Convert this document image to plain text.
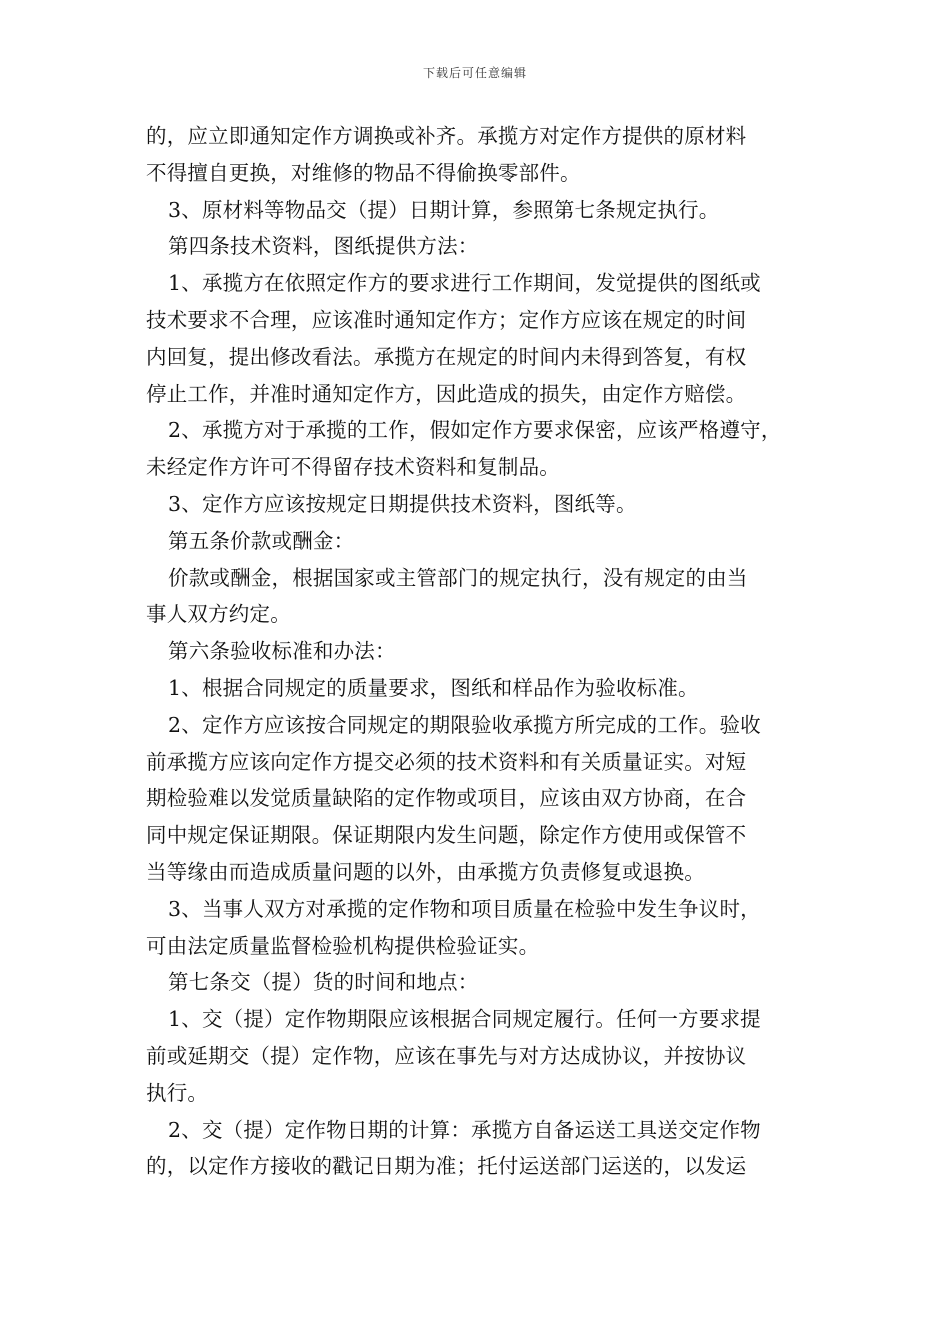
下载后可任意编辑
的，应立即通知定作方调换或补齐。承揽方对定作方提供的原材料
不得擅自更换，对维修的物品不得偷换零部件。
3、原材料等物品交（提）日期计算，参照第七条规定执行。
第四条技术资料，图纸提供方法：
1、承揽方在依照定作方的要求进行工作期间，发觉提供的图纸或
技术要求不合理，应该准时通知定作方；定作方应该在规定的时间
内回复，提出修改看法。承揽方在规定的时间内未得到答复，有权
停止工作，并准时通知定作方，因此造成的损失，由定作方赔偿。
2、承揽方对于承揽的工作，假如定作方要求保密，应该严格遵守，
未经定作方许可不得留存技术资料和复制品。
3、定作方应该按规定日期提供技术资料，图纸等。
第五条价款或酬金：
价款或酬金，根据国家或主管部门的规定执行，没有规定的由当
事人双方约定。
第六条验收标准和办法：
1、根据合同规定的质量要求，图纸和样品作为验收标准。
2、定作方应该按合同规定的期限验收承揽方所完成的工作。验收
前承揽方应该向定作方提交必须的技术资料和有关质量证实。对短
期检验难以发觉质量缺陷的定作物或项目，应该由双方协商，在合
同中规定保证期限。保证期限内发生问题，除定作方使用或保管不
当等缘由而造成质量问题的以外，由承揽方负责修复或退换。
3、当事人双方对承揽的定作物和项目质量在检验中发生争议时，
可由法定质量监督检验机构提供检验证实。
第七条交（提）货的时间和地点：
1、交（提）定作物期限应该根据合同规定履行。任何一方要求提
前或延期交（提）定作物，应该在事先与对方达成协议，并按协议
执行。
2、交（提）定作物日期的计算：承揽方自备运送工具送交定作物
的，以定作方接收的戳记日期为准；托付运送部门运送的，以发运
